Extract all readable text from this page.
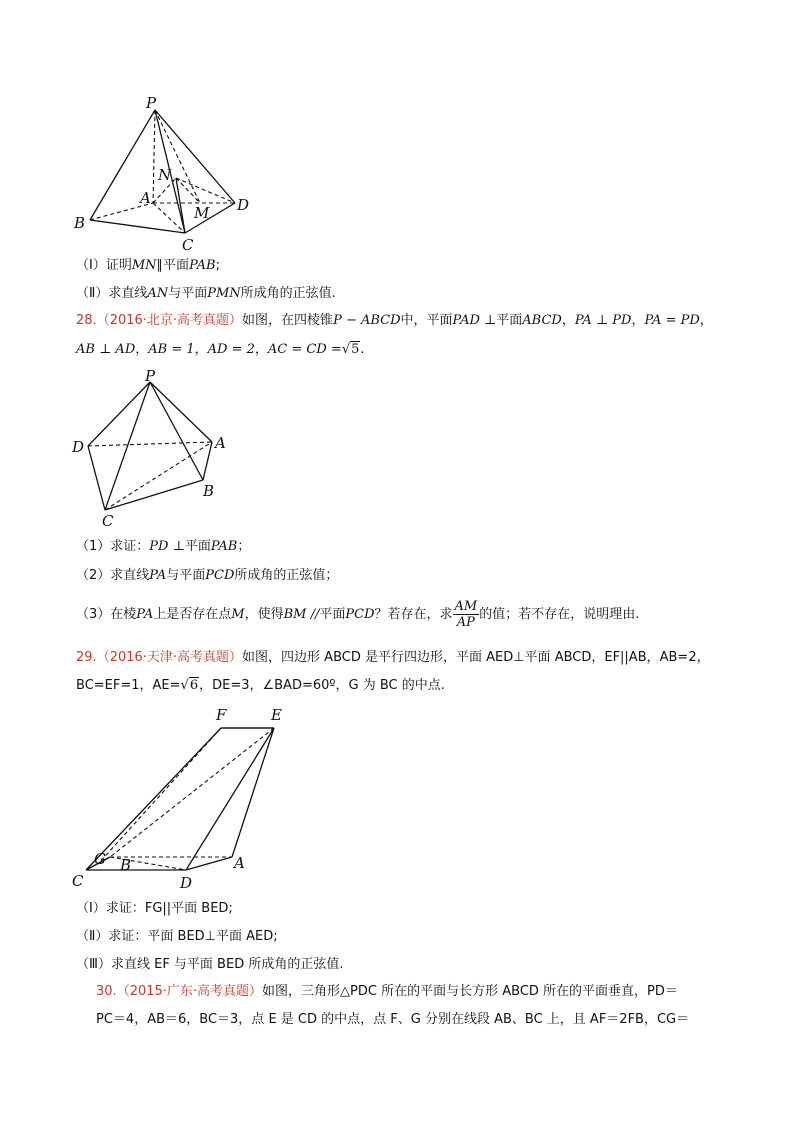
P
N
A
M D
B
C
（Ⅰ）证明MN∥平面PAB;
（Ⅱ）求直线AN与平面PMN所成角的正弦值.
28.（2016·北京·高考真题）如图，在四棱锥P − ABCD中，平面PAD ⊥平面ABCD，PA ⊥ PD，PA = PD，
AB ⊥ AD，AB = 1，AD = 2，AC = CD =√5.
P
D	A
B
C
（1）求证：PD ⊥平面PAB；
（2）求直线PA与平面PCD所成角的正弦值；
（3）在棱PA上是否存在点M，使得BM //平面PCD？若存在，求 $\frac{AM}{AP}$ 的值；若不存在，说明理由.
29.（2016·天津·高考真题）如图，四边形 ABCD 是平行四边形，平面 AED⊥平面 ABCD，EF||AB，AB=2，
BC=EF=1，AE=√6，DE=3，∠BAD=60º，G 为 BC 的中点.
F	E
G B	A
C	D
（Ⅰ）求证：FG||平面 BED;
（Ⅱ）求证：平面 BED⊥平面 AED;
（Ⅲ）求直线 EF 与平面 BED 所成角的正弦值.
30.（2015·广东·高考真题）如图，三角形△PDC 所在的平面与长方形 ABCD 所在的平面垂直，PD＝
PC＝4，AB＝6，BC＝3，点 E 是 CD 的中点，点 F、G 分别在线段 AB、BC 上，且 AF＝2FB，CG＝
